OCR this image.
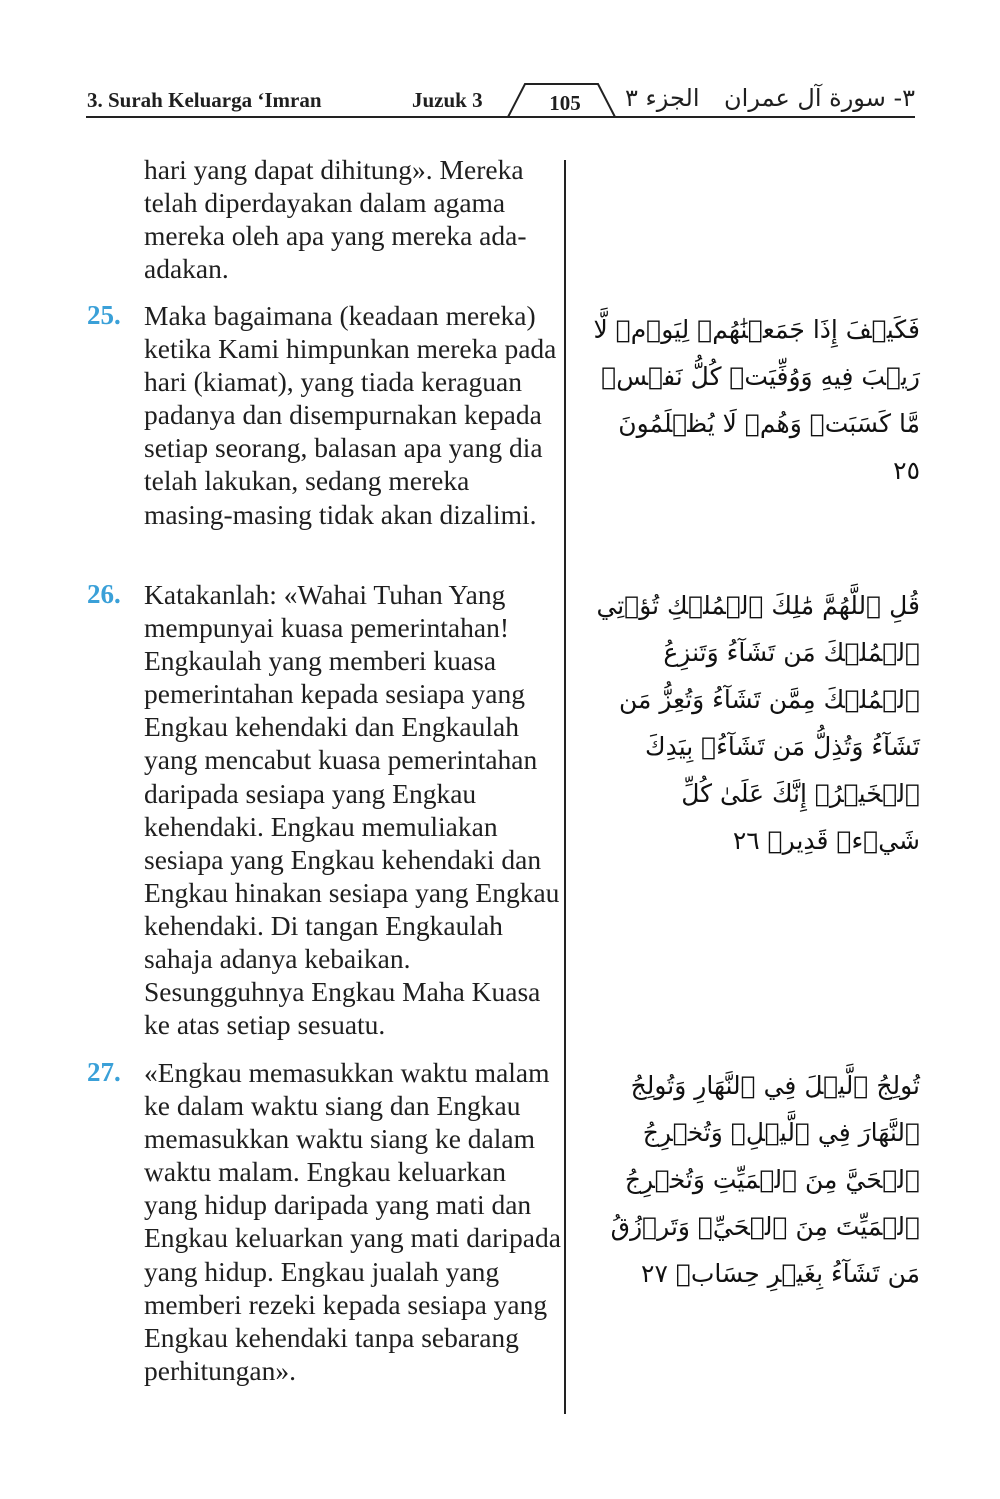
3. Surah Keluarga ‘Imran	Juzuk 3	105	الجزء ٣ ٣- سورة آل عمران

hari yang dapat dihitung». Mereka telah diperdayakan dalam agama mereka oleh apa yang mereka ada-adakan.

25. Maka bagaimana (keadaan mereka) ketika Kami himpunkan mereka pada hari (kiamat), yang tiada keraguan padanya dan disempurnakan kepada setiap seorang, balasan apa yang dia telah lakukan, sedang mereka masing-masing tidak akan dizalimi.

فَكَيۡفَ إِذَا جَمَعۡنَٰهُمۡ لِيَوۡمٖ لَّا رَيۡبَ فِيهِ وَوُفِّيَتۡ كُلُّ نَفۡسٖ مَّا كَسَبَتۡ وَهُمۡ لَا يُظۡلَمُونَ ٢٥
26. Katakanlah: «Wahai Tuhan Yang mempunyai kuasa pemerintahan! Engkaulah yang memberi kuasa pemerintahan kepada sesiapa yang Engkau kehendaki dan Engkaulah yang mencabut kuasa pemerintahan daripada sesiapa yang Engkau kehendaki. Engkau memuliakan sesiapa yang Engkau kehendaki dan Engkau hinakan sesiapa yang Engkau kehendaki. Di tangan Engkaulah sahaja adanya kebaikan. Sesungguhnya Engkau Maha Kuasa ke atas setiap sesuatu.

قُلِ ٱللَّهُمَّ مَٰلِكَ ٱلۡمُلۡكِ تُؤۡتِي ٱلۡمُلۡكَ مَن تَشَآءُ وَتَنزِعُ ٱلۡمُلۡكَ مِمَّن تَشَآءُ وَتُعِزُّ مَن تَشَآءُ وَتُذِلُّ مَن تَشَآءُۖ بِيَدِكَ ٱلۡخَيۡرُۖ إِنَّكَ عَلَىٰ كُلِّ شَيۡءٖ قَدِيرٞ ٢٦
27. «Engkau memasukkan waktu malam ke dalam waktu siang dan Engkau memasukkan waktu siang ke dalam waktu malam. Engkau keluarkan yang hidup daripada yang mati dan Engkau keluarkan yang mati daripada yang hidup. Engkau jualah yang memberi rezeki kepada sesiapa yang Engkau kehendaki tanpa sebarang perhitungan».

تُولِجُ ٱلَّيۡلَ فِي ٱلنَّهَارِ وَتُولِجُ ٱلنَّهَارَ فِي ٱلَّيۡلِۖ وَتُخۡرِجُ ٱلۡحَيَّ مِنَ ٱلۡمَيِّتِ وَتُخۡرِجُ ٱلۡمَيِّتَ مِنَ ٱلۡحَيِّۖ وَتَرۡزُقُ مَن تَشَآءُ بِغَيۡرِ حِسَابٖ ٢٧
